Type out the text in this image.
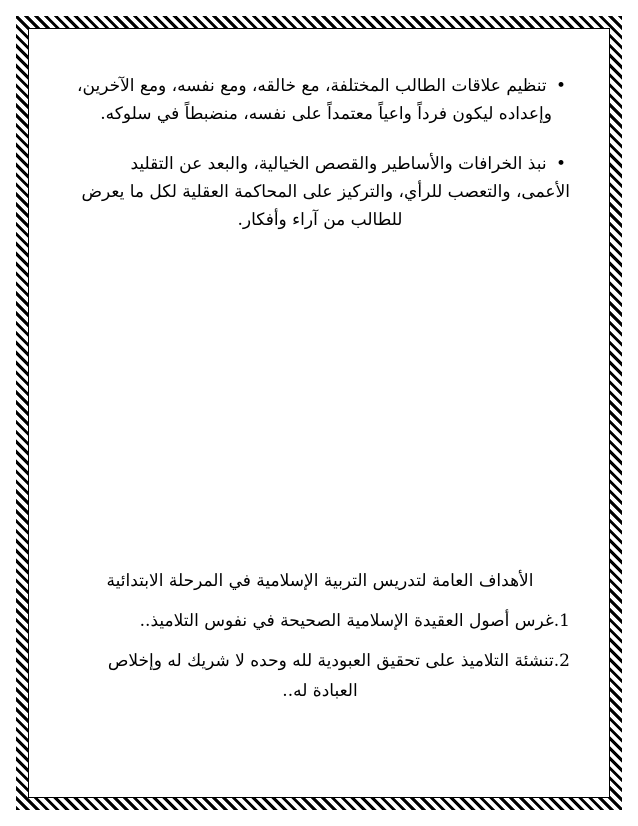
• تنظيم علاقات الطالب المختلفة، مع خالقه، ومع نفسه، ومع الآخرين،
وإعداده ليكون فرداً واعياً معتمداً على نفسه، منضبطاً في سلوكه.
• نبذ الخرافات والأساطير والقصص الخيالية، والبعد عن التقليد
الأعمى، والتعصب للرأي، والتركيز على المحاكمة العقلية لكل ما يعرض
للطالب من آراء وأفكار.
الأهداف العامة لتدريس التربية الإسلامية في المرحلة الابتدائية
1.غرس أصول العقيدة الإسلامية الصحيحة في نفوس التلاميذ..
2.تنشئة التلاميذ على تحقيق العبودية لله وحده لا شريك له وإخلاص
العبادة له..
